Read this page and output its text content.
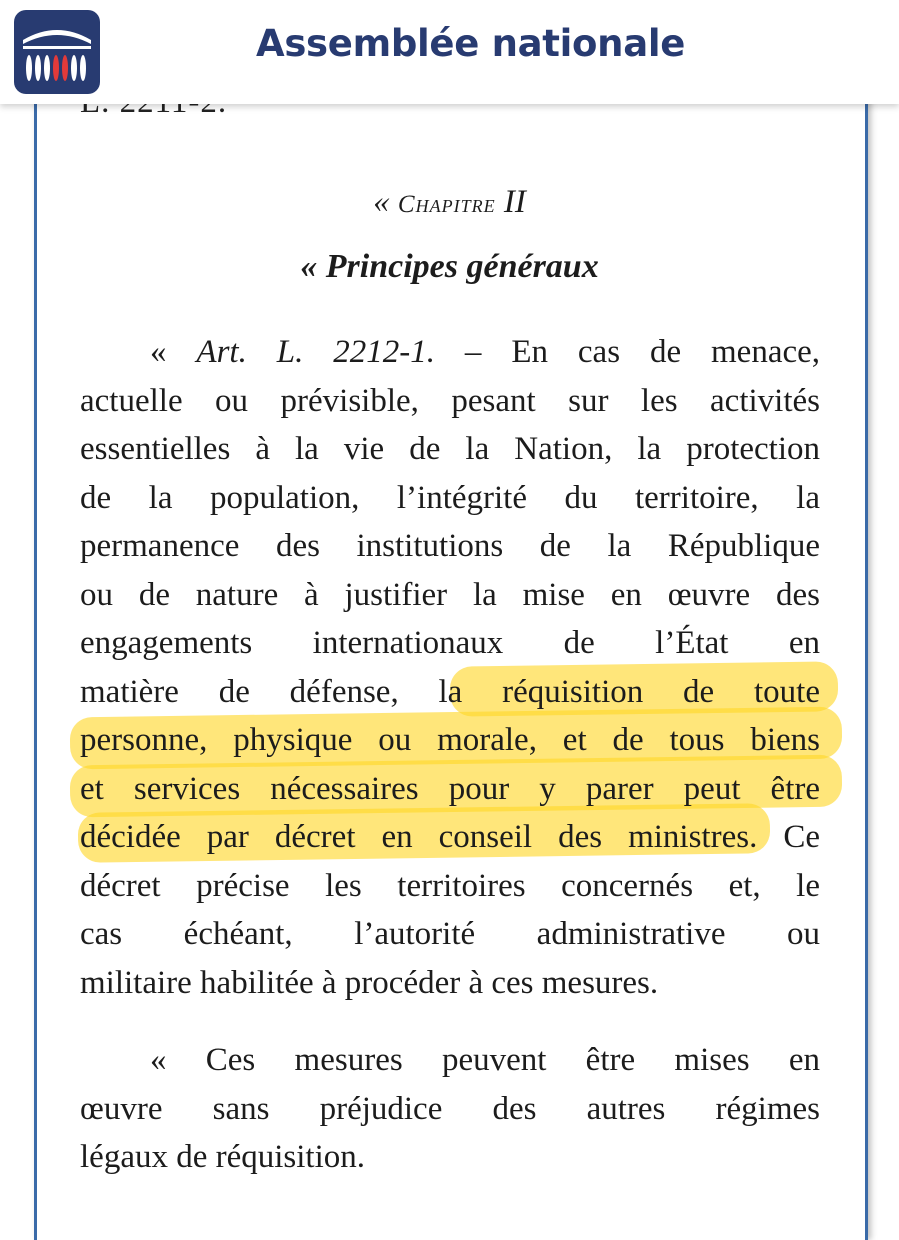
Assemblée nationale
« Chapitre II
« Principes généraux
« Art. L. 2212-1. – En cas de menace,
actuelle ou prévisible, pesant sur les activités
essentielles à la vie de la Nation, la protection
de la population, l’intégrité du territoire, la
permanence des institutions de la République
ou de nature à justifier la mise en œuvre des
engagements internationaux de l’État en
matière de défense, la réquisition de toute
personne, physique ou morale, et de tous biens
et services nécessaires pour y parer peut être
décidée par décret en conseil des ministres. Ce
décret précise les territoires concernés et, le
cas échéant, l’autorité administrative ou
militaire habilitée à procéder à ces mesures.
« Ces mesures peuvent être mises en
œuvre sans préjudice des autres régimes
légaux de réquisition.
